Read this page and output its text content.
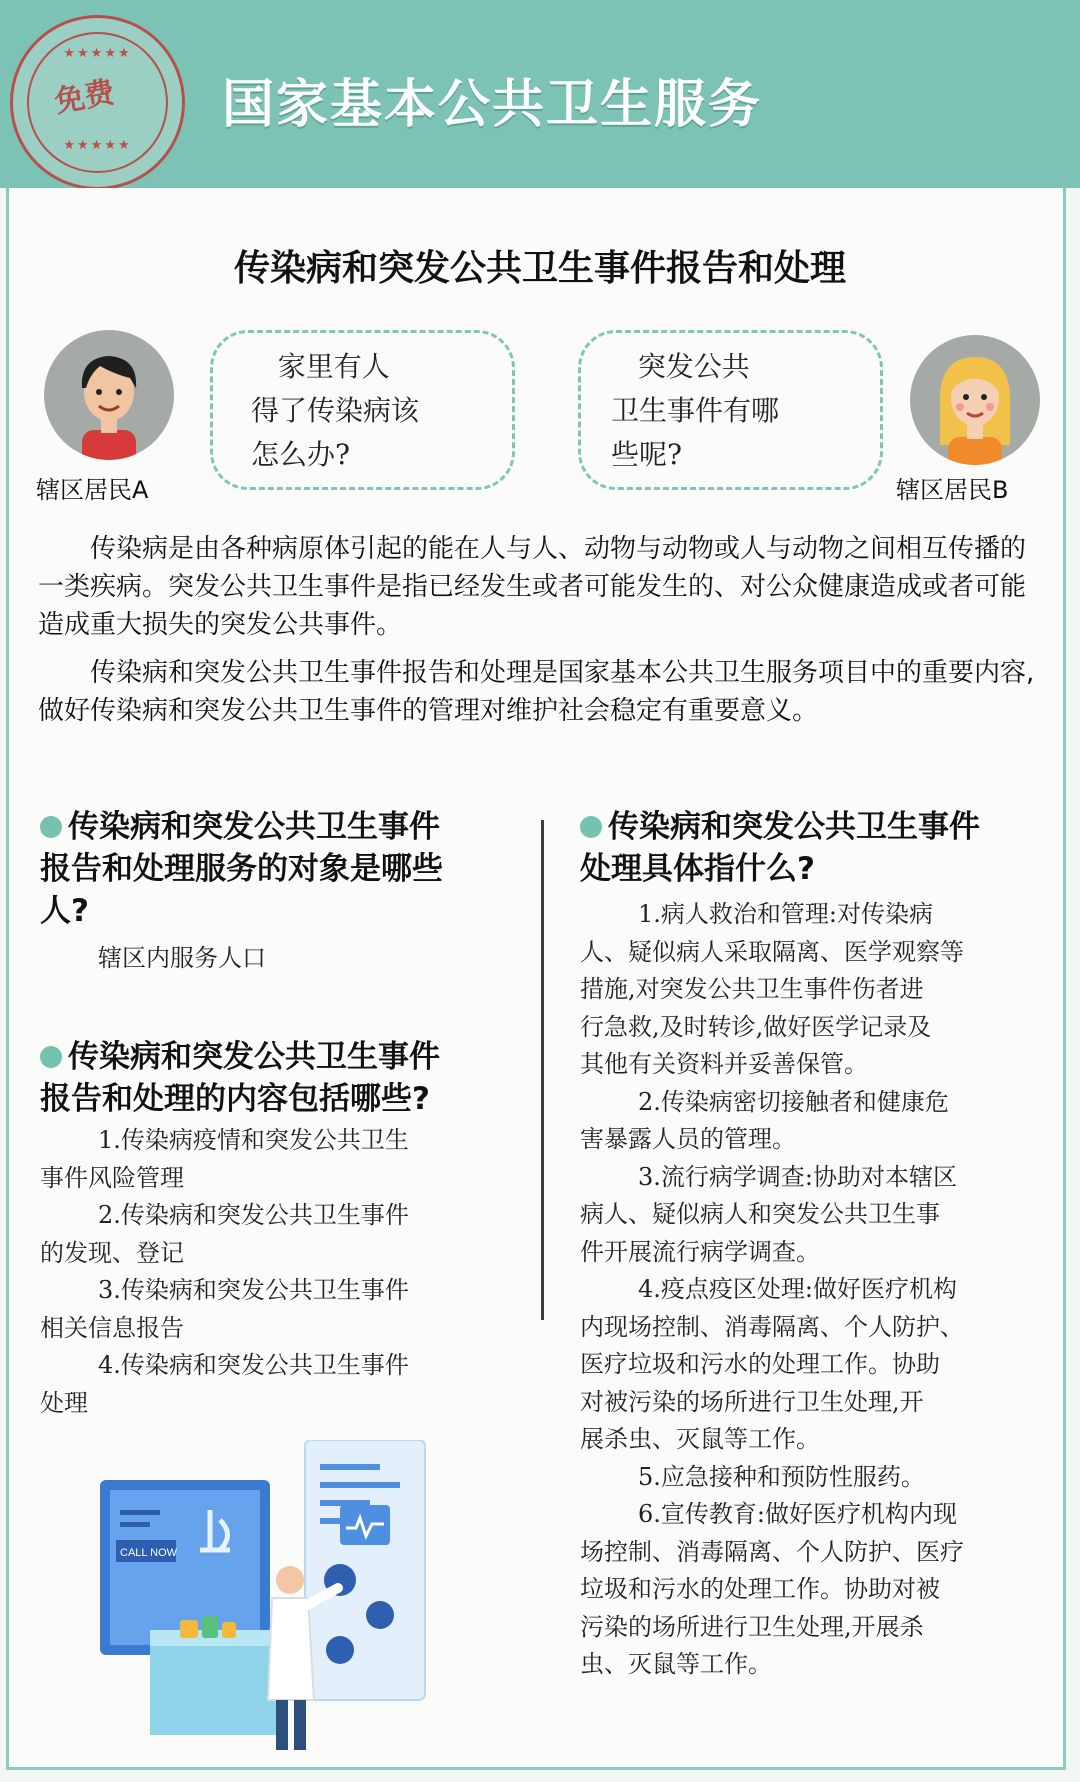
★★★★★
免费
★★★★★
国家基本公共卫生服务
传染病和突发公共卫生事件报告和处理
辖区居民A
家里有人
得了传染病该
怎么办?
突发公共
卫生事件有哪
些呢?
辖区居民B
传染病是由各种病原体引起的能在人与人、动物与动物或人与动物之间相互传播的一类疾病。突发公共卫生事件是指已经发生或者可能发生的、对公众健康造成或者可能造成重大损失的突发公共事件。
传染病和突发公共卫生事件报告和处理是国家基本公共卫生服务项目中的重要内容,做好传染病和突发公共卫生事件的管理对维护社会稳定有重要意义。
传染病和突发公共卫生事件
报告和处理服务的对象是哪些
人?
辖区内服务人口
传染病和突发公共卫生事件
报告和处理的内容包括哪些?
1.传染病疫情和突发公共卫生
事件风险管理
2.传染病和突发公共卫生事件
的发现、登记
3.传染病和突发公共卫生事件
相关信息报告
4.传染病和突发公共卫生事件
处理
传染病和突发公共卫生事件
处理具体指什么?
1.病人救治和管理:对传染病
人、疑似病人采取隔离、医学观察等
措施,对突发公共卫生事件伤者进
行急救,及时转诊,做好医学记录及
其他有关资料并妥善保管。
2.传染病密切接触者和健康危
害暴露人员的管理。
3.流行病学调查:协助对本辖区
病人、疑似病人和突发公共卫生事
件开展流行病学调查。
4.疫点疫区处理:做好医疗机构
内现场控制、消毒隔离、个人防护、
医疗垃圾和污水的处理工作。协助
对被污染的场所进行卫生处理,开
展杀虫、灭鼠等工作。
5.应急接种和预防性服药。
6.宣传教育:做好医疗机构内现
场控制、消毒隔离、个人防护、医疗
垃圾和污水的处理工作。协助对被
污染的场所进行卫生处理,开展杀
虫、灭鼠等工作。
CALL NOW
